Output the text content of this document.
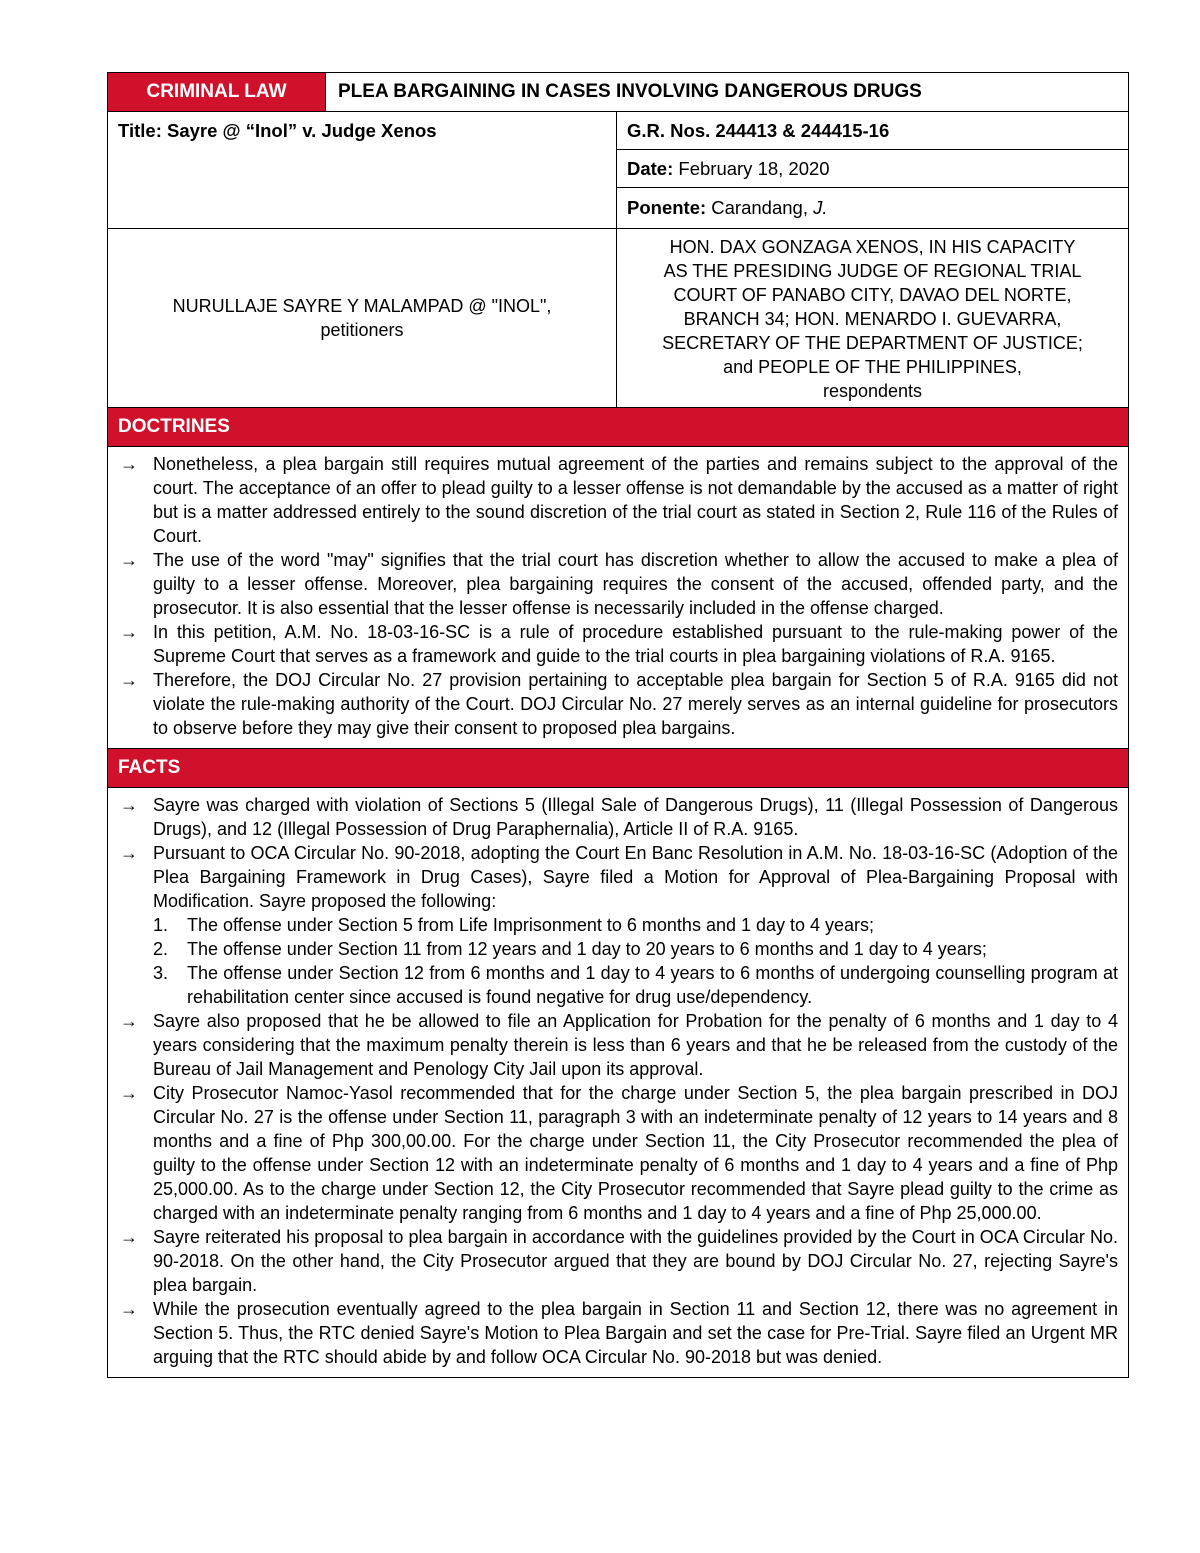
CRIMINAL LAW	PLEA BARGAINING IN CASES INVOLVING DANGEROUS DRUGS
Title: Sayre @ “Inol” v. Judge Xenos	G.R. Nos. 244413 & 244415-16
Date:
February 18, 2020
Ponente:
Carandang,
J.
NURULLAJE SAYRE Y MALAMPAD @ "INOL",
petitioners
HON. DAX GONZAGA XENOS, IN HIS CAPACITY
AS THE PRESIDING JUDGE OF REGIONAL TRIAL
COURT OF PANABO CITY, DAVAO DEL NORTE,
BRANCH 34; HON. MENARDO I. GUEVARRA,
SECRETARY OF THE DEPARTMENT OF JUSTICE;
and PEOPLE OF THE PHILIPPINES,
respondents
DOCTRINES
→ Nonetheless, a plea bargain still requires mutual agreement of the parties and remains subject to the approval of the court. The acceptance of an offer to plead guilty to a lesser offense is not demandable by the accused as a matter of right but is a matter addressed entirely to the sound discretion of the trial court as stated in Section 2, Rule 116 of the Rules of Court.
→ The use of the word "may" signifies that the trial court has discretion whether to allow the accused to make a plea of guilty to a lesser offense. Moreover, plea bargaining requires the consent of the accused, offended party, and the prosecutor. It is also essential that the lesser offense is necessarily included in the offense charged.
→ In this petition, A.M. No. 18-03-16-SC is a rule of procedure established pursuant to the rule-making power of the Supreme Court that serves as a framework and guide to the trial courts in plea bargaining violations of R.A. 9165.
→ Therefore, the DOJ Circular No. 27 provision pertaining to acceptable plea bargain for Section 5 of R.A. 9165 did not violate the rule-making authority of the Court. DOJ Circular No. 27 merely serves as an internal guideline for prosecutors to observe before they may give their consent to proposed plea bargains.
FACTS
→ Sayre was charged with violation of Sections 5 (Illegal Sale of Dangerous Drugs), 11 (Illegal Possession of Dangerous Drugs), and 12 (Illegal Possession of Drug Paraphernalia), Article II of R.A. 9165.
→ Pursuant to OCA Circular No. 90-2018, adopting the Court En Banc Resolution in A.M. No. 18-03-16-SC (Adoption of the Plea Bargaining Framework in Drug Cases), Sayre filed a Motion for Approval of Plea-Bargaining Proposal with Modification. Sayre proposed the following:
1.	The offense under Section 5 from Life Imprisonment to 6 months and 1 day to 4 years;
2.	The offense under Section 11 from 12 years and 1 day to 20 years to 6 months and 1 day to 4 years;
3.	The offense under Section 12 from 6 months and 1 day to 4 years to 6 months of undergoing counselling program at rehabilitation center since accused is found negative for drug use/dependency.
→ Sayre also proposed that he be allowed to file an Application for Probation for the penalty of 6 months and 1 day to 4 years considering that the maximum penalty therein is less than 6 years and that he be released from the custody of the Bureau of Jail Management and Penology City Jail upon its approval.
→ City Prosecutor Namoc-Yasol recommended that for the charge under Section 5, the plea bargain prescribed in DOJ Circular No. 27 is the offense under Section 11, paragraph 3 with an indeterminate penalty of 12 years to 14 years and 8 months and a fine of Php 300,00.00. For the charge under Section 11, the City Prosecutor recommended the plea of guilty to the offense under Section 12 with an indeterminate penalty of 6 months and 1 day to 4 years and a fine of Php 25,000.00. As to the charge under Section 12, the City Prosecutor recommended that Sayre plead guilty to the crime as charged with an indeterminate penalty ranging from 6 months and 1 day to 4 years and a fine of Php 25,000.00.
→ Sayre reiterated his proposal to plea bargain in accordance with the guidelines provided by the Court in OCA Circular No. 90-2018. On the other hand, the City Prosecutor argued that they are bound by DOJ Circular No. 27, rejecting Sayre's plea bargain.
→ While the prosecution eventually agreed to the plea bargain in Section 11 and Section 12, there was no agreement in Section 5. Thus, the RTC denied Sayre's Motion to Plea Bargain and set the case for Pre-Trial. Sayre filed an Urgent MR arguing that the RTC should abide by and follow OCA Circular No. 90-2018 but was denied.
